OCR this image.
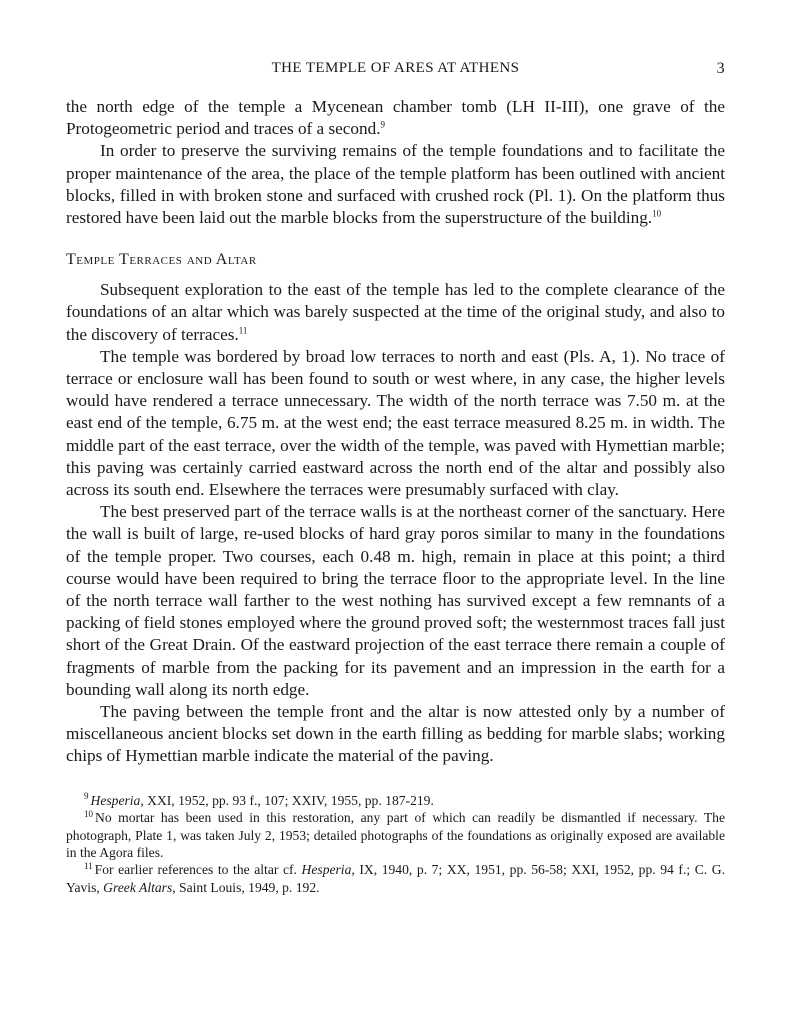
THE TEMPLE OF ARES AT ATHENS	3

the north edge of the temple a Mycenean chamber tomb (LH II-III), one grave of the Protogeometric period and traces of a second.$^9$

In order to preserve the surviving remains of the temple foundations and to facilitate the proper maintenance of the area, the place of the temple platform has been outlined with ancient blocks, filled in with broken stone and surfaced with crushed rock (Pl. 1). On the platform thus restored have been laid out the marble blocks from the superstructure of the building.$^{10}$

Temple Terraces and Altar

Subsequent exploration to the east of the temple has led to the complete clearance of the foundations of an altar which was barely suspected at the time of the original study, and also to the discovery of terraces.$^{11}$

The temple was bordered by broad low terraces to north and east (Pls. A, 1). No trace of terrace or enclosure wall has been found to south or west where, in any case, the higher levels would have rendered a terrace unnecessary. The width of the north terrace was 7.50 m. at the east end of the temple, 6.75 m. at the west end; the east terrace measured 8.25 m. in width. The middle part of the east terrace, over the width of the temple, was paved with Hymettian marble; this paving was certainly carried eastward across the north end of the altar and possibly also across its south end. Elsewhere the terraces were presumably surfaced with clay.

The best preserved part of the terrace walls is at the northeast corner of the sanctuary. Here the wall is built of large, re-used blocks of hard gray poros similar to many in the foundations of the temple proper. Two courses, each 0.48 m. high, remain in place at this point; a third course would have been required to bring the terrace floor to the appropriate level. In the line of the north terrace wall farther to the west nothing has survived except a few remnants of a packing of field stones employed where the ground proved soft; the westernmost traces fall just short of the Great Drain. Of the eastward projection of the east terrace there remain a couple of fragments of marble from the packing for its pavement and an impression in the earth for a bounding wall along its north edge.

The paving between the temple front and the altar is now attested only by a number of miscellaneous ancient blocks set down in the earth filling as bedding for marble slabs; working chips of Hymettian marble indicate the material of the paving.

$^9$ Hesperia, XXI, 1952, pp. 93 f., 107; XXIV, 1955, pp. 187-219.

$^{10}$ No mortar has been used in this restoration, any part of which can readily be dismantled if necessary. The photograph, Plate 1, was taken July 2, 1953; detailed photographs of the foundations as originally exposed are available in the Agora files.

$^{11}$ For earlier references to the altar cf. Hesperia, IX, 1940, p. 7; XX, 1951, pp. 56-58; XXI, 1952, pp. 94 f.; C. G. Yavis, Greek Altars, Saint Louis, 1949, p. 192.
